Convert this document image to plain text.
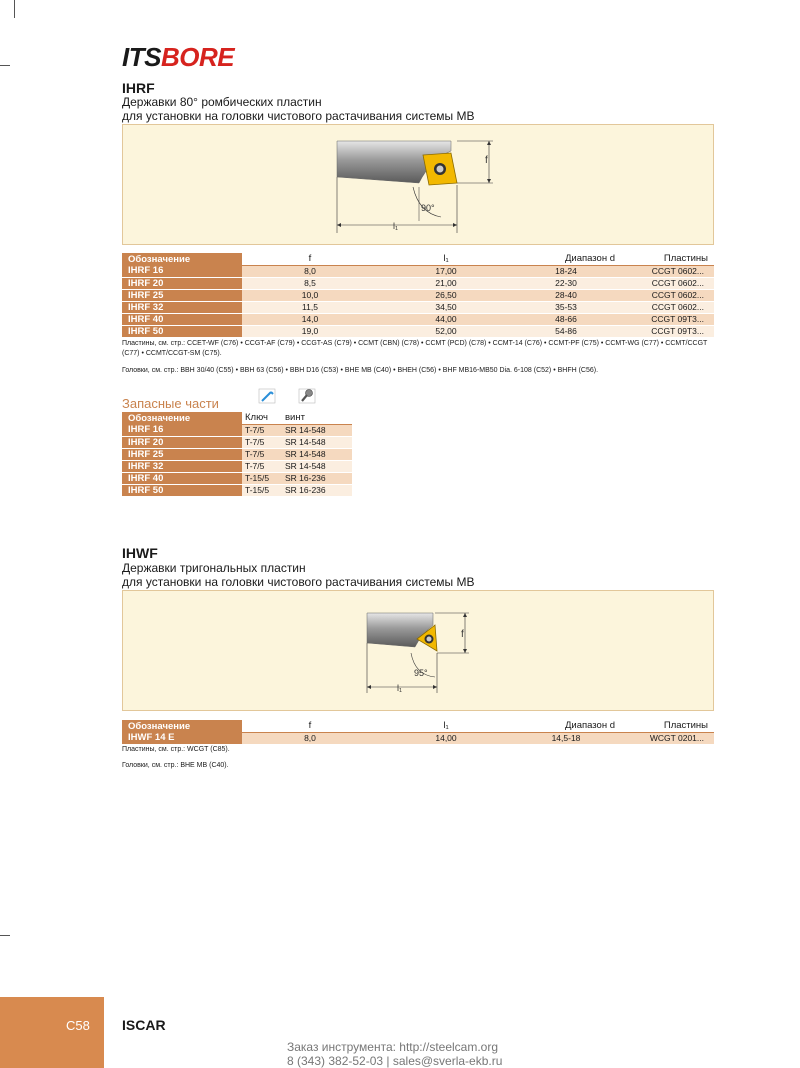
ITSBORE
IHRF
Державки 80° ромбических пластин
для установки на головки чистового растачивания системы MB
f
l₁
90°
Обозначение	f	l₁	Диапазон d	Пластины
IHRF 16	8,0	17,00	18-24	CCGT 0602...
IHRF 20	8,5	21,00	22-30	CCGT 0602...
IHRF 25	10,0	26,50	28-40	CCGT 0602...
IHRF 32	11,5	34,50	35-53	CCGT 0602...
IHRF 40	14,0	44,00	48-66	CCGT 09T3...
IHRF 50	19,0	52,00	54-86	CCGT 09T3...
Пластины, см. стр.: CCET-WF (C76) • CCGT-AF (C79) • CCGT-AS (C79) • CCMT (CBN) (C78) • CCMT (PCD) (C78) • CCMT-14 (C76) • CCMT-PF (C75) • CCMT-WG (C77) • CCMT/CCGT (C77) • CCMT/CCGT-SM (C75).
Головки, см. стр.: BBH 30/40 (C55) • BBH 63 (C56) • BBH D16 (C53) • BHE MB (C40) • BHEH (C56) • BHF MB16-MB50 Dia. 6-108 (C52) • BHFH (C56).
Запасные части
Обозначение	Ключ	винт
IHRF 16	T-7/5	SR 14-548
IHRF 20	T-7/5	SR 14-548
IHRF 25	T-7/5	SR 14-548
IHRF 32	T-7/5	SR 14-548
IHRF 40	T-15/5	SR 16-236
IHRF 50	T-15/5	SR 16-236
IHWF
Державки тригональных пластин
для установки на головки чистового растачивания системы MB
f
l₁
95°
Обозначение	f	l₁	Диапазон d	Пластины
IHWF 14 E	8,0	14,00	14,5-18	WCGT 0201...
Пластины, см. стр.: WCGT (C85).
Головки, см. стр.: BHE MB (C40).
C58 ISCAR
Заказ инструмента: http://steelcam.org
8 (343) 382-52-03 | sales@sverla-ekb.ru
